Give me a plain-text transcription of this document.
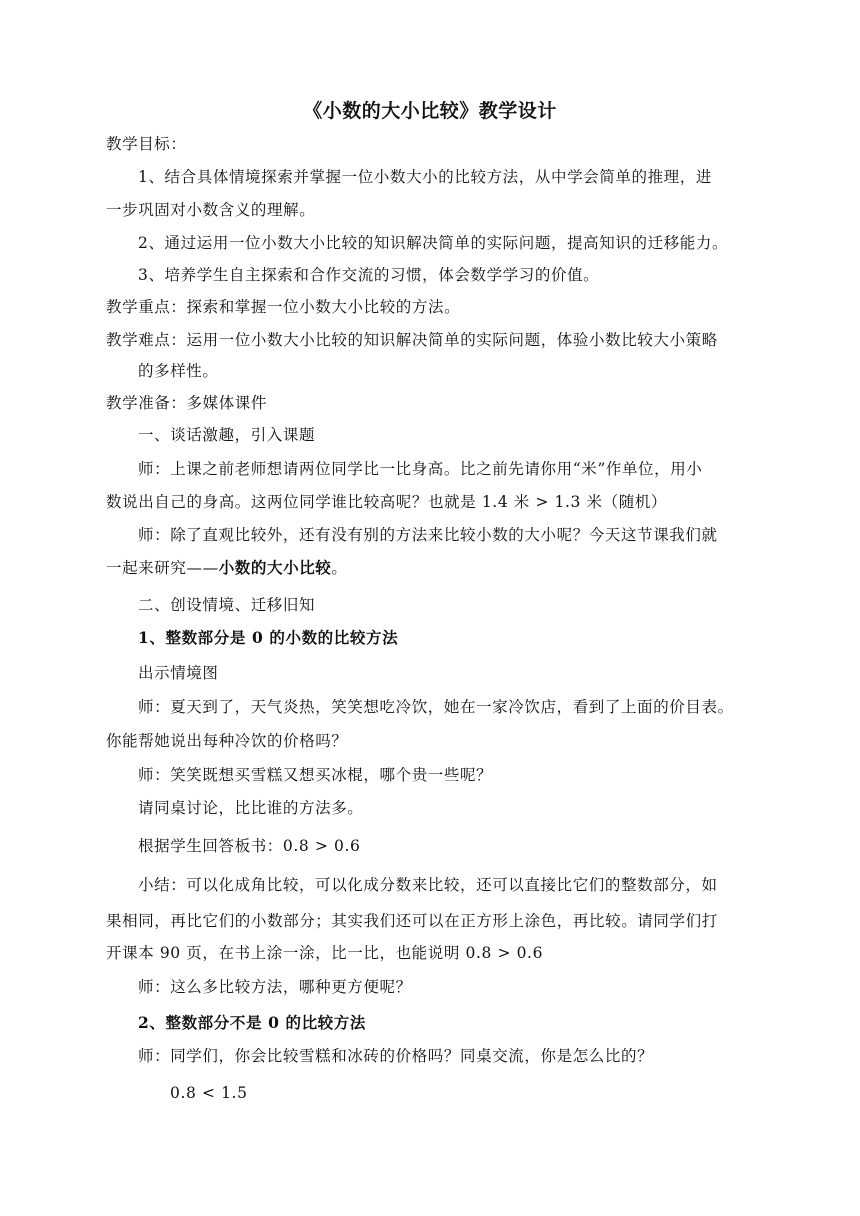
《小数的大小比较》教学设计
教学目标：
1、结合具体情境探索并掌握一位小数大小的比较方法，从中学会简单的推理，进
一步巩固对小数含义的理解。
2、通过运用一位小数大小比较的知识解决简单的实际问题，提高知识的迁移能力。
3、培养学生自主探索和合作交流的习惯，体会数学学习的价值。
教学重点：探索和掌握一位小数大小比较的方法。
教学难点：运用一位小数大小比较的知识解决简单的实际问题，体验小数比较大小策略
的多样性。
教学准备：多媒体课件
一、谈话激趣，引入课题
师：上课之前老师想请两位同学比一比身高。比之前先请你用“米”作单位，用小
数说出自己的身高。这两位同学谁比较高呢？也就是 1.4 米 > 1.3 米（随机）
师：除了直观比较外，还有没有别的方法来比较小数的大小呢？今天这节课我们就
一起来研究——小数的大小比较。
二、创设情境、迁移旧知
1、整数部分是 0 的小数的比较方法
出示情境图
师：夏天到了，天气炎热，笑笑想吃冷饮，她在一家冷饮店，看到了上面的价目表。
你能帮她说出每种冷饮的价格吗？
师：笑笑既想买雪糕又想买冰棍，哪个贵一些呢？
请同桌讨论，比比谁的方法多。
根据学生回答板书：0.8 > 0.6
小结：可以化成角比较，可以化成分数来比较，还可以直接比它们的整数部分，如
果相同，再比它们的小数部分；其实我们还可以在正方形上涂色，再比较。请同学们打
开课本 90 页，在书上涂一涂，比一比，也能说明 0.8 > 0.6
师：这么多比较方法，哪种更方便呢？
2、整数部分不是 0 的比较方法
师：同学们，你会比较雪糕和冰砖的价格吗？同桌交流，你是怎么比的？
0.8 < 1.5
